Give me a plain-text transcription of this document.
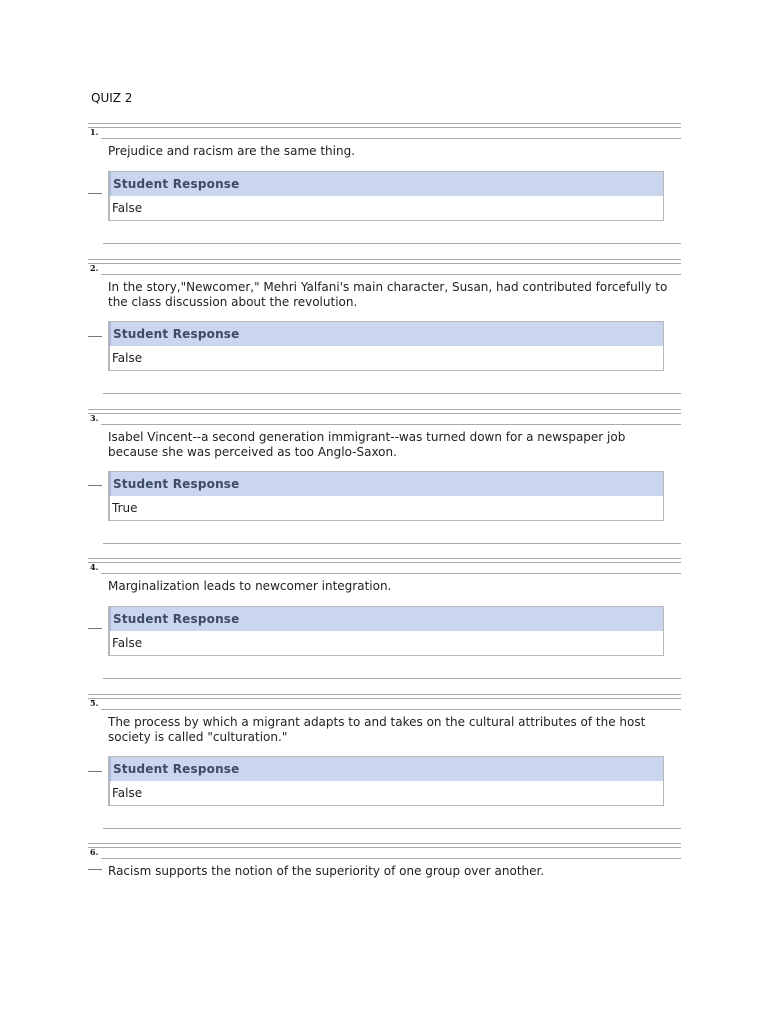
QUIZ 2
1.
Prejudice and racism are the same thing.
Student Response
False
2.
In the story,"Newcomer," Mehri Yalfani's main character, Susan, had contributed forcefully to the class discussion about the revolution.
Student Response
False
3.
Isabel Vincent--a second generation immigrant--was turned down for a newspaper job because she was perceived as too Anglo-Saxon.
Student Response
True
4.
Marginalization leads to newcomer integration.
Student Response
False
5.
The process by which a migrant adapts to and takes on the cultural attributes of the host society is called "culturation."
Student Response
False
6.
Racism supports the notion of the superiority of one group over another.
